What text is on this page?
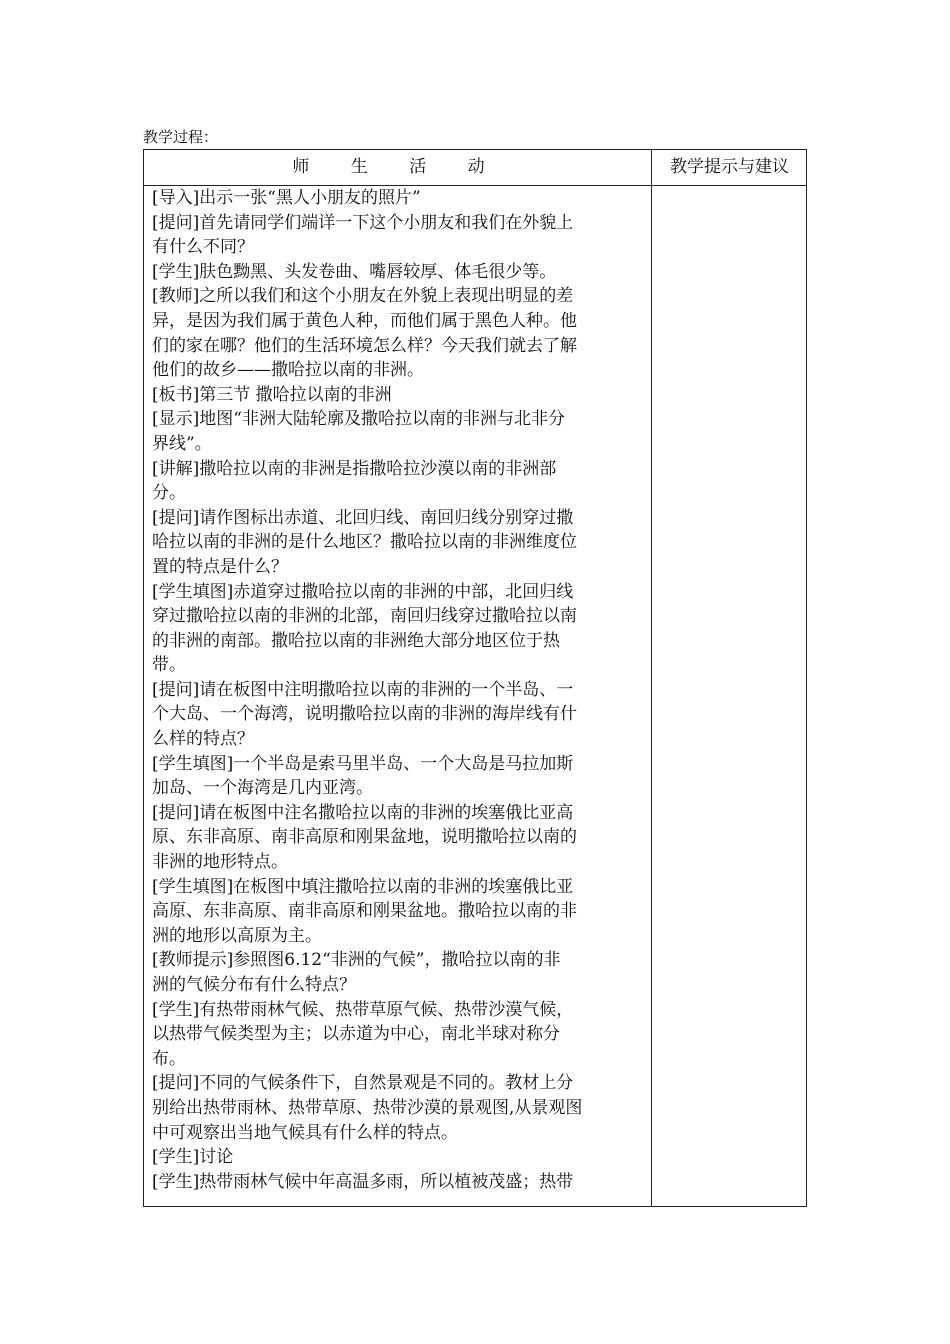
教学过程：
师 生 活 动	教学提示与建议
[导入]出示一张“黑人小朋友的照片”
[提问]首先请同学们端详一下这个小朋友和我们在外貌上
有什么不同？
[学生]肤色黝黑、头发卷曲、嘴唇较厚、体毛很少等。
[教师]之所以我们和这个小朋友在外貌上表现出明显的差
异，是因为我们属于黄色人种，而他们属于黑色人种。他
们的家在哪？他们的生活环境怎么样？今天我们就去了解
他们的故乡——撒哈拉以南的非洲。
[板书]第三节 撒哈拉以南的非洲
[显示]地图“非洲大陆轮廓及撒哈拉以南的非洲与北非分
界线”。
[讲解]撒哈拉以南的非洲是指撒哈拉沙漠以南的非洲部
分。
[提问]请作图标出赤道、北回归线、南回归线分别穿过撒
哈拉以南的非洲的是什么地区？撒哈拉以南的非洲维度位
置的特点是什么？
[学生填图]赤道穿过撒哈拉以南的非洲的中部，北回归线
穿过撒哈拉以南的非洲的北部，南回归线穿过撒哈拉以南
的非洲的南部。撒哈拉以南的非洲绝大部分地区位于热
带。
[提问]请在板图中注明撒哈拉以南的非洲的一个半岛、一
个大岛、一个海湾，说明撒哈拉以南的非洲的海岸线有什
么样的特点？
[学生填图]一个半岛是索马里半岛、一个大岛是马拉加斯
加岛、一个海湾是几内亚湾。
[提问]请在板图中注名撒哈拉以南的非洲的埃塞俄比亚高
原、东非高原、南非高原和刚果盆地，说明撒哈拉以南的
非洲的地形特点。
[学生填图]在板图中填注撒哈拉以南的非洲的埃塞俄比亚
高原、东非高原、南非高原和刚果盆地。撒哈拉以南的非
洲的地形以高原为主。
[教师提示]参照图6.12“非洲的气候”，撒哈拉以南的非
洲的气候分布有什么特点？
[学生]有热带雨林气候、热带草原气候、热带沙漠气候，
以热带气候类型为主；以赤道为中心，南北半球对称分
布。
[提问]不同的气候条件下，自然景观是不同的。教材上分
别给出热带雨林、热带草原、热带沙漠的景观图,从景观图
中可观察出当地气候具有什么样的特点。
[学生]讨论
[学生]热带雨林气候中年高温多雨，所以植被茂盛；热带
